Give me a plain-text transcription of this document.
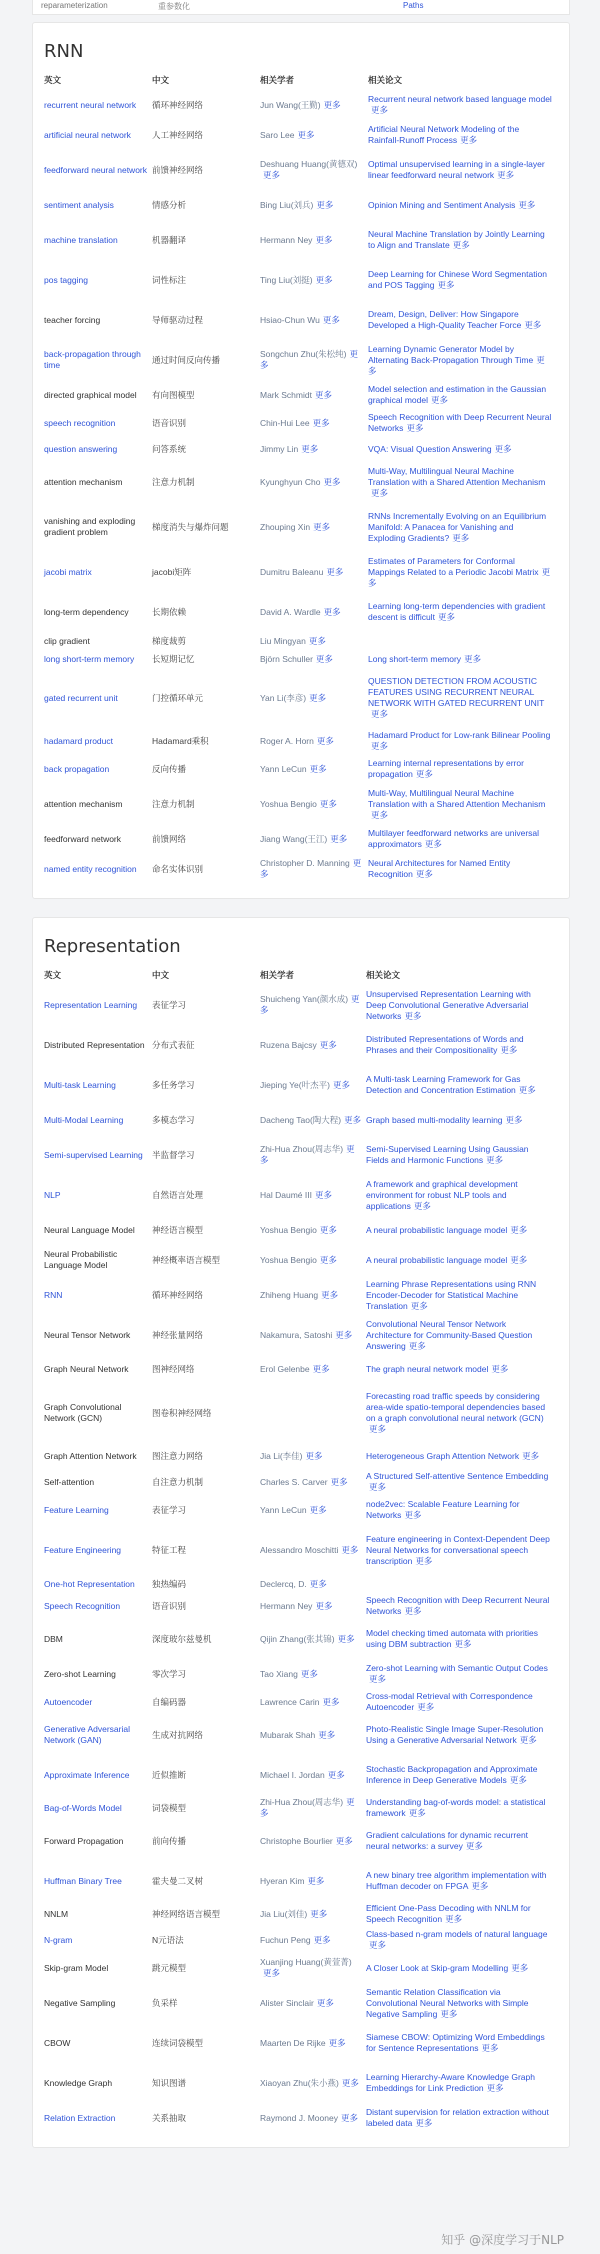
reparameterization	重参数化	Paths
RNN
英文	中文	相关学者	相关论文
recurrent neural network	循环神经网络	Jun Wang(王勤) 更多	Recurrent neural network based language model更多
artificial neural network	人工神经网络	Saro Lee 更多	Artificial Neural Network Modeling of the Rainfall-Runoff Process 更多
feedforward neural network	前馈神经网络	Deshuang Huang(黄德双)更多	Optimal unsupervised learning in a single-layer linear feedforward neural network 更多
sentiment analysis	情感分析	Bing Liu(刘兵) 更多	Opinion Mining and Sentiment Analysis 更多
machine translation	机器翻译	Hermann Ney 更多	Neural Machine Translation by Jointly Learning to Align and Translate 更多
pos tagging	词性标注	Ting Liu(刘挺) 更多	Deep Learning for Chinese Word Segmentation and POS Tagging 更多
teacher forcing	导师驱动过程	Hsiao-Chun Wu 更多	Dream, Design, Deliver: How Singapore Developed a High-Quality Teacher Force 更多
back-propagation through time	通过时间反向传播	Songchun Zhu(朱松纯) 更多	Learning Dynamic Generator Model by Alternating Back-Propagation Through Time 更多
directed graphical model	有向图模型	Mark Schmidt 更多	Model selection and estimation in the Gaussian graphical model 更多
speech recognition	语音识别	Chin-Hui Lee 更多	Speech Recognition with Deep Recurrent Neural Networks 更多
question answering	问答系统	Jimmy Lin 更多	VQA: Visual Question Answering 更多
attention mechanism	注意力机制	Kyunghyun Cho 更多	Multi-Way, Multilingual Neural Machine Translation with a Shared Attention Mechanism更多
vanishing and exploding gradient problem	梯度消失与爆炸问题	Zhouping Xin 更多	RNNs Incrementally Evolving on an Equilibrium Manifold: A Panacea for Vanishing and Exploding Gradients? 更多
jacobi matrix	jacobi矩阵	Dumitru Baleanu 更多	Estimates of Parameters for Conformal Mappings Related to a Periodic Jacobi Matrix 更多
long-term dependency	长期依赖	David A. Wardle 更多	Learning long-term dependencies with gradient descent is difficult 更多
clip gradient	梯度裁剪	Liu Mingyan 更多	
long short-term memory	长短期记忆	Björn Schuller 更多	Long short-term memory 更多
gated recurrent unit	门控循环单元	Yan Li(李彦) 更多	QUESTION DETECTION FROM ACOUSTIC FEATURES USING RECURRENT NEURAL NETWORK WITH GATED RECURRENT UNIT更多
hadamard product	Hadamard乘积	Roger A. Horn 更多	Hadamard Product for Low-rank Bilinear Pooling更多
back propagation	反向传播	Yann LeCun 更多	Learning internal representations by error propagation 更多
attention mechanism	注意力机制	Yoshua Bengio 更多	Multi-Way, Multilingual Neural Machine Translation with a Shared Attention Mechanism更多
feedforward network	前馈网络	Jiang Wang(王江) 更多	Multilayer feedforward networks are universal approximators 更多
named entity recognition	命名实体识别	Christopher D. Manning 更多	Neural Architectures for Named Entity Recognition 更多
Representation
英文	中文	相关学者	相关论文
Representation Learning	表征学习	Shuicheng Yan(颜水成) 更多	Unsupervised Representation Learning with Deep Convolutional Generative Adversarial Networks 更多
Distributed Representation	分布式表征	Ruzena Bajcsy 更多	Distributed Representations of Words and Phrases and their Compositionality 更多
Multi-task Learning	多任务学习	Jieping Ye(叶杰平) 更多	A Multi-task Learning Framework for Gas Detection and Concentration Estimation 更多
Multi-Modal Learning	多模态学习	Dacheng Tao(陶大程) 更多	Graph based multi-modality learning 更多
Semi-supervised Learning	半监督学习	Zhi-Hua Zhou(周志华) 更多	Semi-Supervised Learning Using Gaussian Fields and Harmonic Functions 更多
NLP	自然语言处理	Hal Daumé III 更多	A framework and graphical development environment for robust NLP tools and applications 更多
Neural Language Model	神经语言模型	Yoshua Bengio 更多	A neural probabilistic language model 更多
Neural Probabilistic Language Model	神经概率语言模型	Yoshua Bengio 更多	A neural probabilistic language model 更多
RNN	循环神经网络	Zhiheng Huang 更多	Learning Phrase Representations using RNN Encoder-Decoder for Statistical Machine Translation 更多
Neural Tensor Network	神经张量网络	Nakamura, Satoshi 更多	Convolutional Neural Tensor Network Architecture for Community-Based Question Answering 更多
Graph Neural Network	图神经网络	Erol Gelenbe 更多	The graph neural network model 更多
Graph Convolutional Network (GCN)	图卷积神经网络		Forecasting road traffic speeds by considering area-wide spatio-temporal dependencies based on a graph convolutional neural network (GCN)更多
Graph Attention Network	图注意力网络	Jia Li(李佳) 更多	Heterogeneous Graph Attention Network 更多
Self-attention	自注意力机制	Charles S. Carver 更多	A Structured Self-attentive Sentence Embedding更多
Feature Learning	表征学习	Yann LeCun 更多	node2vec: Scalable Feature Learning for Networks 更多
Feature Engineering	特征工程	Alessandro Moschitti 更多	Feature engineering in Context-Dependent Deep Neural Networks for conversational speech transcription 更多
One-hot Representation	独热编码	Declercq, D. 更多	
Speech Recognition	语音识别	Hermann Ney 更多	Speech Recognition with Deep Recurrent Neural Networks 更多
DBM	深度玻尔兹曼机	Qijin Zhang(张其锦) 更多	Model checking timed automata with priorities using DBM subtraction 更多
Zero-shot Learning	零次学习	Tao Xiang 更多	Zero-shot Learning with Semantic Output Codes更多
Autoencoder	自编码器	Lawrence Carin 更多	Cross-modal Retrieval with Correspondence Autoencoder 更多
Generative Adversarial Network (GAN)	生成对抗网络	Mubarak Shah 更多	Photo-Realistic Single Image Super-Resolution Using a Generative Adversarial Network 更多
Approximate Inference	近似推断	Michael I. Jordan 更多	Stochastic Backpropagation and Approximate Inference in Deep Generative Models 更多
Bag-of-Words Model	词袋模型	Zhi-Hua Zhou(周志华) 更多	Understanding bag-of-words model: a statistical framework 更多
Forward Propagation	前向传播	Christophe Bourlier 更多	Gradient calculations for dynamic recurrent neural networks: a survey 更多
Huffman Binary Tree	霍夫曼二叉树	Hyeran Kim 更多	A new binary tree algorithm implementation with Huffman decoder on FPGA 更多
NNLM	神经网络语言模型	Jia Liu(刘佳) 更多	Efficient One-Pass Decoding with NNLM for Speech Recognition 更多
N-gram	N元语法	Fuchun Peng 更多	Class-based n-gram models of natural language更多
Skip-gram Model	跳元模型	Xuanjing Huang(黄萱菁)更多	A Closer Look at Skip-gram Modelling 更多
Negative Sampling	负采样	Alister Sinclair 更多	Semantic Relation Classification via Convolutional Neural Networks with Simple Negative Sampling 更多
CBOW	连续词袋模型	Maarten De Rijke 更多	Siamese CBOW: Optimizing Word Embeddings for Sentence Representations 更多
Knowledge Graph	知识图谱	Xiaoyan Zhu(朱小燕) 更多	Learning Hierarchy-Aware Knowledge Graph Embeddings for Link Prediction 更多
Relation Extraction	关系抽取	Raymond J. Mooney 更多	Distant supervision for relation extraction without labeled data 更多
知乎 @深度学习于NLP
